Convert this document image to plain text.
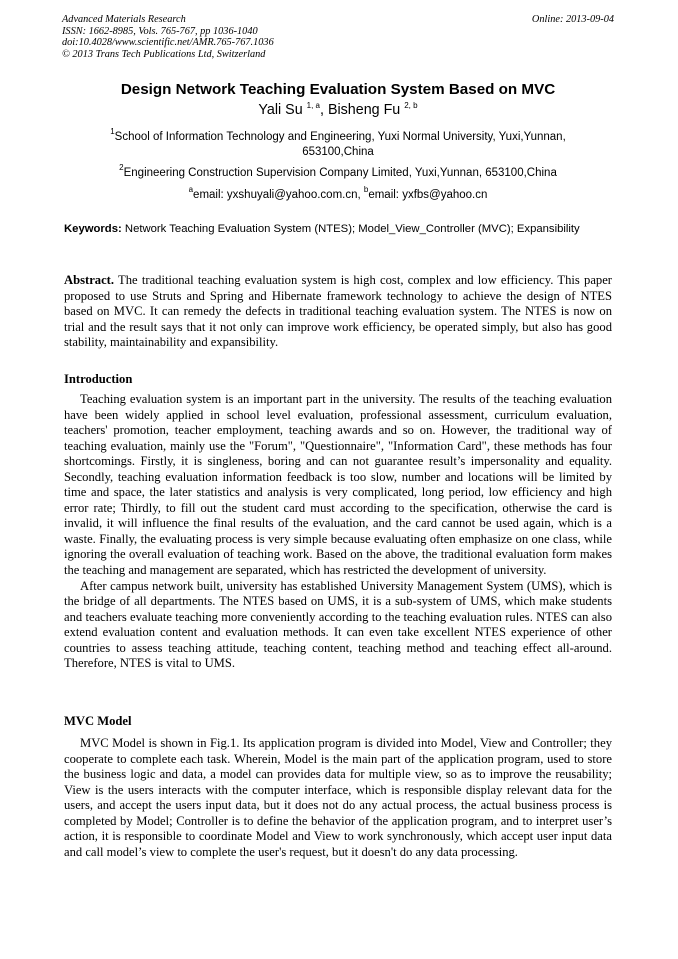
Advanced Materials Research
ISSN: 1662-8985, Vols. 765-767, pp 1036-1040
doi:10.4028/www.scientific.net/AMR.765-767.1036
© 2013 Trans Tech Publications Ltd, Switzerland
Online: 2013-09-04
Design Network Teaching Evaluation System Based on MVC
Yali Su $^{1, a}$, Bisheng Fu $^{2, b}$
$^1$School of Information Technology and Engineering, Yuxi Normal University, Yuxi,Yunnan, 653100,China
$^2$Engineering Construction Supervision Company Limited, Yuxi,Yunnan, 653100,China
$^a$email: yxshuyali@yahoo.com.cn, $^b$email: yxfbs@yahoo.cn
Keywords: Network Teaching Evaluation System (NTES); Model_View_Controller (MVC); Expansibility

Abstract. The traditional teaching evaluation system is high cost, complex and low efficiency. This paper proposed to use Struts and Spring and Hibernate framework technology to achieve the design of NTES based on MVC. It can remedy the defects in traditional teaching evaluation system. The NTES is now on trial and the result says that it not only can improve work efficiency, be operated simply, but also has good stability, maintainability and expansibility.

Introduction

Teaching evaluation system is an important part in the university. The results of the teaching evaluation have been widely applied in school level evaluation, professional assessment, curriculum evaluation, teachers' promotion, teacher employment, teaching awards and so on. However, the traditional way of teaching evaluation, mainly use the "Forum", "Questionnaire", "Information Card", these methods has four shortcomings. Firstly, it is singleness, boring and can not guarantee result’s impersonality and equality. Secondly, teaching evaluation information feedback is too slow, number and locations will be limited by time and space, the later statistics and analysis is very complicated, long period, low efficiency and high error rate; Thirdly, to fill out the student card must according to the specification, otherwise the card is invalid, it will influence the final results of the evaluation, and the card cannot be used again, which is a waste. Finally, the evaluating process is very simple because evaluating often emphasize on one class, while ignoring the overall evaluation of teaching work. Based on the above, the traditional evaluation form makes the teaching and management are separated, which has restricted the development of university.

After campus network built, university has established University Management System (UMS), which is the bridge of all departments. The NTES based on UMS, it is a sub-system of UMS, which make students and teachers evaluate teaching more conveniently according to the teaching evaluation rules. NTES can also extend evaluation content and evaluation methods. It can even take excellent NTES experience of other countries to assess teaching attitude, teaching content, teaching method and teaching effect all-around. Therefore, NTES is vital to UMS.

MVC Model

MVC Model is shown in Fig.1. Its application program is divided into Model, View and Controller; they cooperate to complete each task. Wherein, Model is the main part of the application program, used to store the business logic and data, a model can provides data for multiple view, so as to improve the reusability; View is the users interacts with the computer interface, which is responsible display relevant data for the users, and accept the users input data, but it does not do any actual process, the actual business process is completed by Model; Controller is to define the behavior of the application program, and to interpret user’s action, it is responsible to coordinate Model and View to work synchronously, which accept user input data and call model’s view to complete the user's request, but it doesn't do any data processing.
